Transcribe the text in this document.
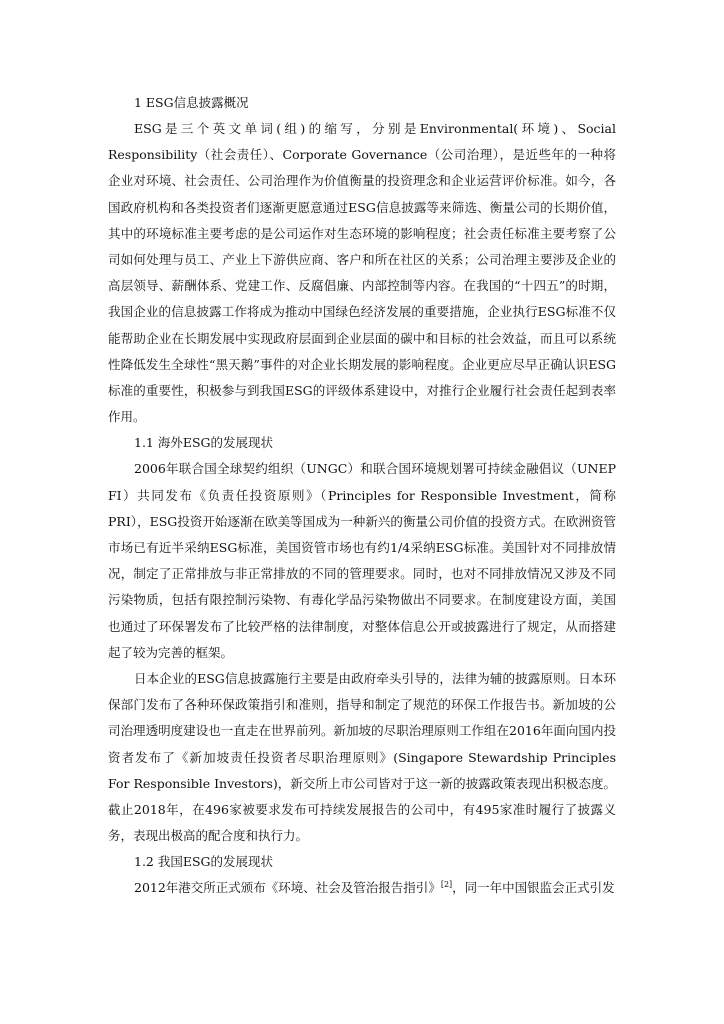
1 ESG信息披露概况

ESG是三个英文单词(组)的缩写，分别是Environmental(环境)、Social Responsibility（社会责任）、Corporate Governance（公司治理），是近些年的一种将企业对环境、社会责任、公司治理作为价值衡量的投资理念和企业运营评价标准。如今，各国政府机构和各类投资者们逐渐更愿意通过ESG信息披露等来筛选、衡量公司的长期价值，其中的环境标准主要考虑的是公司运作对生态环境的影响程度；社会责任标准主要考察了公司如何处理与员工、产业上下游供应商、客户和所在社区的关系；公司治理主要涉及企业的高层领导、薪酬体系、党建工作、反腐倡廉、内部控制等内容。在我国的“十四五”的时期，我国企业的信息披露工作将成为推动中国绿色经济发展的重要措施，企业执行ESG标准不仅能帮助企业在长期发展中实现政府层面到企业层面的碳中和目标的社会效益，而且可以系统性降低发生全球性“黑天鹅”事件的对企业长期发展的影响程度。企业更应尽早正确认识ESG标准的重要性，积极参与到我国ESG的评级体系建设中，对推行企业履行社会责任起到表率作用。

1.1 海外ESG的发展现状

2006年联合国全球契约组织（UNGC）和联合国环境规划署可持续金融倡议（UNEP FI）共同发布《负责任投资原则》（Principles for Responsible Investment，简称PRI），ESG投资开始逐渐在欧美等国成为一种新兴的衡量公司价值的投资方式。在欧洲资管市场已有近半采纳ESG标准，美国资管市场也有约1/4采纳ESG标准。美国针对不同排放情况，制定了正常排放与非正常排放的不同的管理要求。同时，也对不同排放情况又涉及不同污染物质，包括有限控制污染物、有毒化学品污染物做出不同要求。在制度建设方面，美国也通过了环保署发布了比较严格的法律制度，对整体信息公开或披露进行了规定，从而搭建起了较为完善的框架。

日本企业的ESG信息披露施行主要是由政府牵头引导的，法律为辅的披露原则。日本环保部门发布了各种环保政策指引和准则，指导和制定了规范的环保工作报告书。新加坡的公司治理透明度建设也一直走在世界前列。新加坡的尽职治理原则工作组在2016年面向国内投资者发布了《新加坡责任投资者尽职治理原则》(Singapore Stewardship Principles For Responsible Investors)，新交所上市公司皆对于这一新的披露政策表现出积极态度。截止2018年，在496家被要求发布可持续发展报告的公司中，有495家准时履行了披露义务，表现出极高的配合度和执行力。

1.2 我国ESG的发展现状

2012年港交所正式颁布《环境、社会及管治报告指引》[2]，同一年中国银监会正式引发
